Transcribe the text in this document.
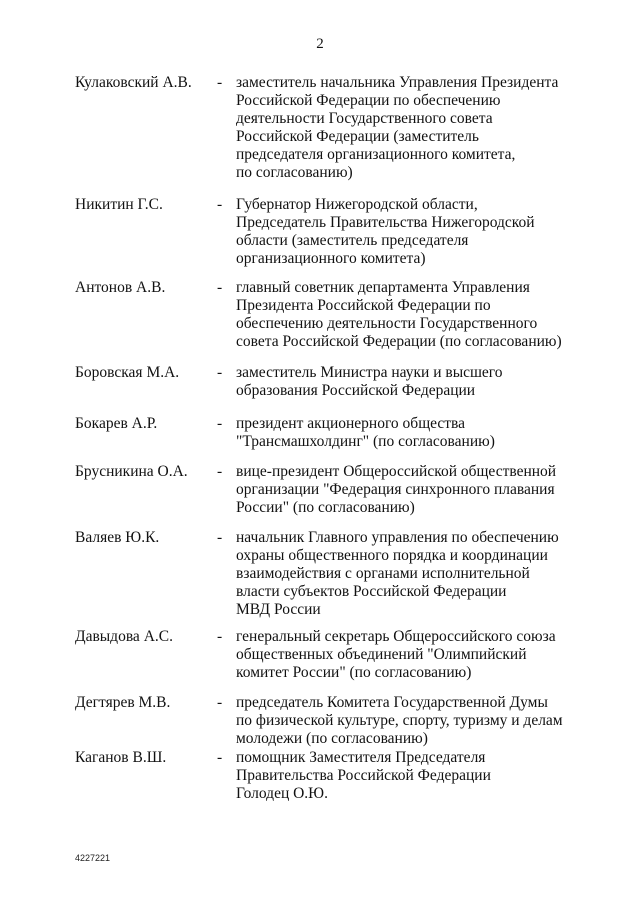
2
Кулаковский А.В. - заместитель начальника Управления Президента
Российской Федерации по обеспечению
деятельности Государственного совета
Российской Федерации (заместитель
председателя организационного комитета,
по согласованию)
Никитин Г.С.	- Губернатор Нижегородской области,
Председатель Правительства Нижегородской
области (заместитель председателя
организационного комитета)
Антонов А.В.	- главный советник департамента Управления
Президента Российской Федерации по
обеспечению деятельности Государственного
совета Российской Федерации (по согласованию)
Боровская М.А. - заместитель Министра науки и высшего
образования Российской Федерации
Бокарев А.Р.	- президент акционерного общества
"Трансмашхолдинг" (по согласованию)
Брусникина О.А. - вице-президент Общероссийской общественной
организации "Федерация синхронного плавания
России" (по согласованию)
Валяев Ю.К.	- начальник Главного управления по обеспечению
охраны общественного порядка и координации
взаимодействия с органами исполнительной
власти субъектов Российской Федерации
МВД России
Давыдова А.С.	- генеральный секретарь Общероссийского союза
общественных объединений "Олимпийский
комитет России" (по согласованию)
Дегтярев М.В.	- председатель Комитета Государственной Думы
по физической культуре, спорту, туризму и делам
молодежи (по согласованию)
Каганов В.Ш.	- помощник Заместителя Председателя
Правительства Российской Федерации
Голодец О.Ю.
4227221
